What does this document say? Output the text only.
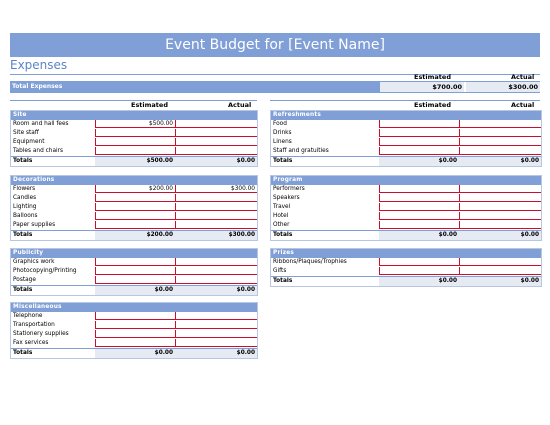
Event Budget for [Event Name]
Expenses
Estimated	Actual
Total Expenses	$700.00	$300.00
Estimated	Actual	Estimated	Actual
Site
Room and hall fees	$500.00
Site staff
Equipment
Tables and chairs
Totals	$500.00	$0.00
Refreshments
Food
Drinks
Linens
Staff and gratuities
Totals	$0.00	$0.00
Decorations
Flowers	$200.00	$300.00
Candles
Lighting
Balloons
Paper supplies
Totals	$200.00	$300.00
Program
Performers
Speakers
Travel
Hotel
Other
Totals	$0.00	$0.00
Publicity
Graphics work
Photocopying/Printing
Postage
Totals	$0.00	$0.00
Prizes
Ribbons/Plaques/Trophies
Gifts
Totals	$0.00	$0.00
Miscellaneous
Telephone
Transportation
Stationery supplies
Fax services
Totals	$0.00	$0.00
